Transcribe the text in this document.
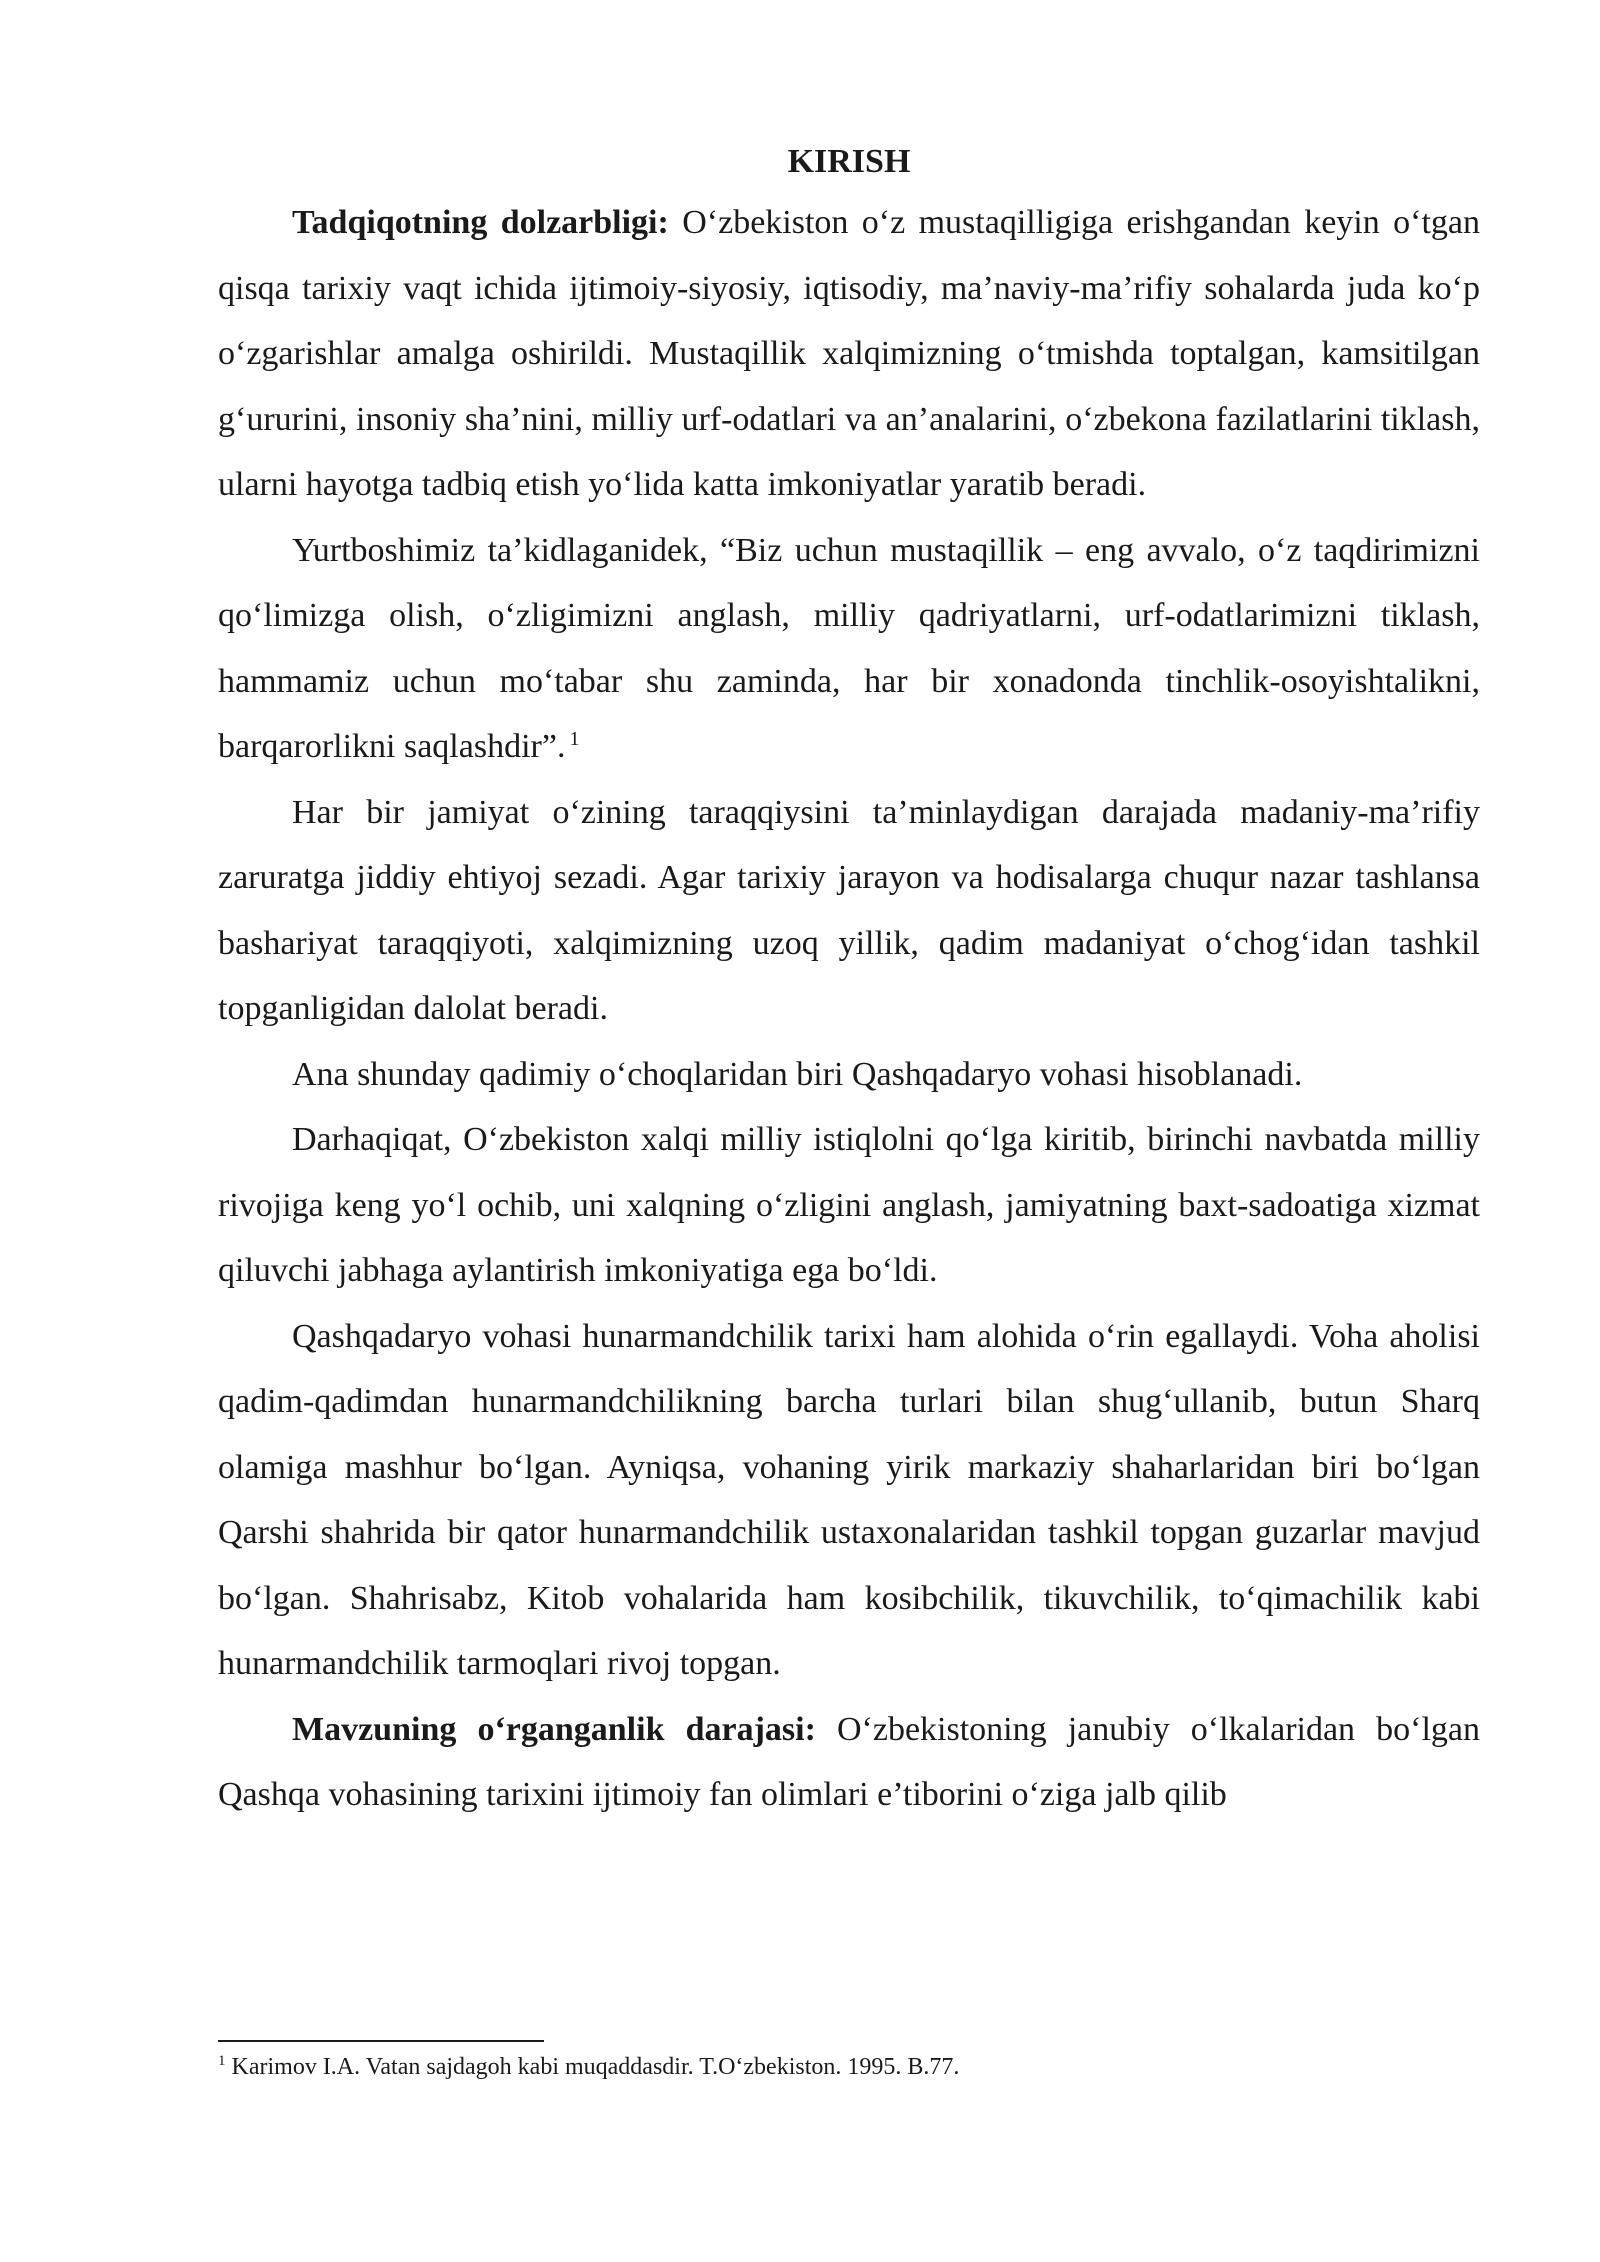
KIRISH

Tadqiqotning dolzarbligi: O‘zbekiston o‘z mustaqilligiga erishgandan keyin o‘tgan qisqa tarixiy vaqt ichida ijtimoiy-siyosiy, iqtisodiy, ma’naviy-ma’rifiy sohalarda juda ko‘p o‘zgarishlar amalga oshirildi. Mustaqillik xalqimizning o‘tmishda toptalgan, kamsitilgan g‘ururini, insoniy sha’nini, milliy urf-odatlari va an’analarini, o‘zbekona fazilatlarini tiklash, ularni hayotga tadbiq etish yo‘lida katta imkoniyatlar yaratib beradi.

Yurtboshimiz ta’kidlaganidek, “Biz uchun mustaqillik – eng avvalo, o‘z taqdirimizni qo‘limizga olish, o‘zligimizni anglash, milliy qadriyatlarni, urf-odatlarimizni tiklash, hammamiz uchun mo‘tabar shu zaminda, har bir xonadonda tinchlik-osoyishtalikni, barqarorlikni saqlashdir”. $^1$

Har bir jamiyat o‘zining taraqqiysini ta’minlaydigan darajada madaniy-ma’rifiy zaruratga jiddiy ehtiyoj sezadi. Agar tarixiy jarayon va hodisalarga chuqur nazar tashlansa bashariyat taraqqiyoti, xalqimizning uzoq yillik, qadim madaniyat o‘chog‘idan tashkil topganligidan dalolat beradi.

Ana shunday qadimiy o‘choqlaridan biri Qashqadaryo vohasi hisoblanadi.

Darhaqiqat, O‘zbekiston xalqi milliy istiqlolni qo‘lga kiritib, birinchi navbatda milliy rivojiga keng yo‘l ochib, uni xalqning o‘zligini anglash, jamiyatning baxt-sadoatiga xizmat qiluvchi jabhaga aylantirish imkoniyatiga ega bo‘ldi.

Qashqadaryo vohasi hunarmandchilik tarixi ham alohida o‘rin egallaydi. Voha aholisi qadim-qadimdan hunarmandchilikning barcha turlari bilan shug‘ullanib, butun Sharq olamiga mashhur bo‘lgan. Ayniqsa, vohaning yirik markaziy shaharlaridan biri bo‘lgan Qarshi shahrida bir qator hunarmandchilik ustaxonalaridan tashkil topgan guzarlar mavjud bo‘lgan. Shahrisabz, Kitob vohalarida ham kosibchilik, tikuvchilik, to‘qimachilik kabi hunarmandchilik tarmoqlari rivoj topgan.

Mavzuning o‘rganganlik darajasi: O‘zbekistoning janubiy o‘lkalaridan bo‘lgan Qashqa vohasining tarixini ijtimoiy fan olimlari e’tiborini o‘ziga jalb qilib

$^1$ Karimov I.A. Vatan sajdagoh kabi muqaddasdir. T.O‘zbekiston. 1995. B.77.
